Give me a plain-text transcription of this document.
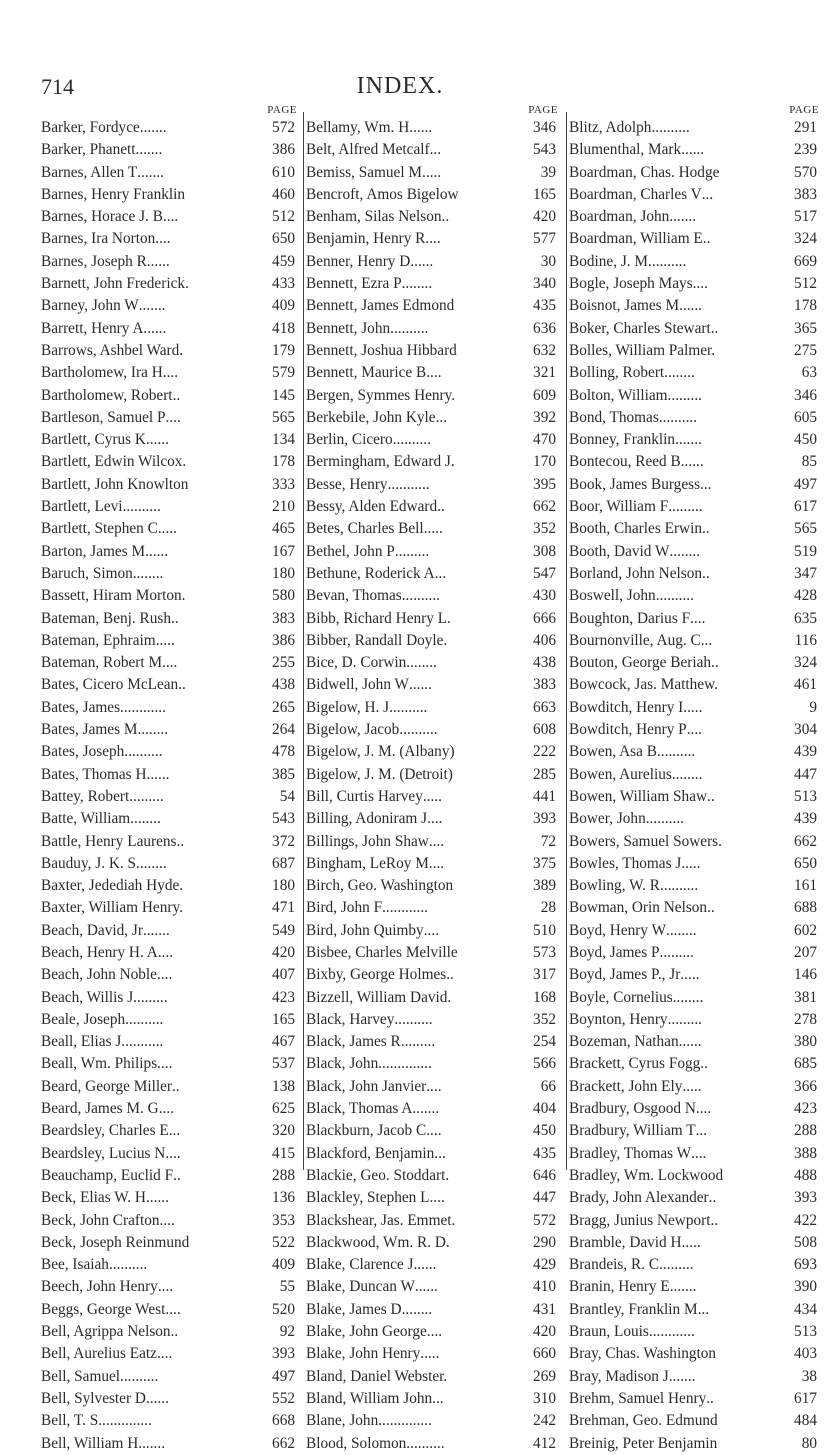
714	INDEX.
PAGE
Barker, Fordyce .......	572
Barker, Phanett .......	386
Barnes, Allen T .......	610
Barnes, Henry Franklin	460
Barnes, Horace J. B ....	512
Barnes, Ira Norton ....	650
Barnes, Joseph R ......	459
Barnett, John Frederick.	433
Barney, John W .......	409
Barrett, Henry A ......	418
Barrows, Ashbel Ward .	179
Bartholomew, Ira H ....	579
Bartholomew, Robert ..	145
Bartleson, Samuel P ....	565
Bartlett, Cyrus K ......	134
Bartlett, Edwin Wilcox.	178
Bartlett, John Knowlton	333
Bartlett, Levi ..........	210
Bartlett, Stephen C .....	465
Barton, James M ......	167
Baruch, Simon ........	180
Bassett, Hiram Morton .	580
Bateman, Benj. Rush ..	383
Bateman, Ephraim .....	386
Bateman, Robert M ....	255
Bates, Cicero McLean ..	438
Bates, James ............	265
Bates, James M ........	264
Bates, Joseph ..........	478
Bates, Thomas H ......	385
Battey, Robert .........	54
Batte, William ........	543
Battle, Henry Laurens ..	372
Bauduy, J. K. S ........	687
Baxter, Jedediah Hyde.	180
Baxter, William Henry.	471
Beach, David, Jr .......	549
Beach, Henry H. A ....	420
Beach, John Noble ....	407
Beach, Willis J .........	423
Beale, Joseph ..........	165
Beall, Elias J ...........	467
Beall, Wm. Philips ....	537
Beard, George Miller ..	138
Beard, James M. G ....	625
Beardsley, Charles E ...	320
Beardsley, Lucius N ....	415
Beauchamp, Euclid F ..	288
Beck, Elias W. H ......	136
Beck, John Crafton ....	353
Beck, Joseph Reinmund	522
Bee, Isaiah ..........	409
Beech, John Henry ....	55
Beggs, George West ....	520
Bell, Agrippa Nelson ..	92
Bell, Aurelius Eatz ....	393
Bell, Samuel ..........	497
Bell, Sylvester D ......	552
Bell, T. S ..............	668
Bell, William H .......	662
PAGE
Bellamy, Wm. H ......	346
Belt, Alfred Metcalf ...	543
Bemiss, Samuel M .....	39
Bencroft, Amos Bigelow	165
Benham, Silas Nelson. .	420
Benjamin, Henry R ....	577
Benner, Henry D ......	30
Bennett, Ezra P ........	340
Bennett, James Edmond	435
Bennett, John ..........	636
Bennett, Joshua Hibbard	632
Bennett, Maurice B ....	321
Bergen, Symmes Henry.	609
Berkebile, John Kyle ...	392
Berlin, Cicero ..........	470
Bermingham, Edward J.	170
Besse, Henry ...........	395
Bessy, Alden Edward. .	662
Betes, Charles Bell .....	352
Bethel, John P .........	308
Bethune, Roderick A ...	547
Bevan, Thomas ..........	430
Bibb, Richard Henry L.	666
Bibber, Randall Doyle.	406
Bice, D. Corwin ........	438
Bidwell, John W ......	383
Bigelow, H. J ..........	663
Bigelow, Jacob ..........	608
Bigelow, J. M. (Albany)	222
Bigelow, J. M. (Detroit)	285
Bill, Curtis Harvey .....	441
Billing, Adoniram J ....	393
Billings, John Shaw ....	72
Bingham, LeRoy M ....	375
Birch, Geo. Washington	389
Bird, John F ............	28
Bird, John Quimby ....	510
Bisbee, Charles Melville	573
Bixby, George Holmes. .	317
Bizzell, William David.	168
Black, Harvey ..........	352
Black, James R .........	254
Black, John ..............	566
Black, John Janvier ....	66
Black, Thomas A .......	404
Blackburn, Jacob C ....	450
Blackford, Benjamin ...	435
Blackie, Geo. Stoddart.	646
Blackley, Stephen L ....	447
Blackshear, Jas. Emmet.	572
Blackwood, Wm. R. D.	290
Blake, Clarence J ......	429
Blake, Duncan W ......	410
Blake, James D ........	431
Blake, John George ....	420
Blake, John Henry .....	660
Bland, Daniel Webster.	269
Bland, William John ...	310
Blane, John ..............	242
Blood, Solomon ..........	412
PAGE
Blitz, Adolph ..........	291
Blumenthal, Mark ......	239
Boardman, Chas. Hodge	570
Boardman, Charles V ...	383
Boardman, John .......	517
Boardman, William E ..	324
Bodine, J. M ..........	669
Bogle, Joseph Mays ....	512
Boisnot, James M ......	178
Boker, Charles Stewart ..	365
Bolles, William Palmer.	275
Bolling, Robert ........	63
Bolton, William .........	346
Bond, Thomas ..........	605
Bonney, Franklin .......	450
Bontecou, Reed B ......	85
Book, James Burgess ...	497
Boor, William F .........	617
Booth, Charles Erwin ..	565
Booth, David W ........	519
Borland, John Nelson ..	347
Boswell, John ..........	428
Boughton, Darius F ....	635
Bournonville, Aug. C ...	116
Bouton, George Beriah ..	324
Bowcock, Jas. Matthew.	461
Bowditch, Henry I .....	9
Bowditch, Henry P ....	304
Bowen, Asa B ..........	439
Bowen, Aurelius ........	447
Bowen, William Shaw ..	513
Bower, John ..........	439
Bowers, Samuel Sowers.	662
Bowles, Thomas J .....	650
Bowling, W. R ..........	161
Bowman, Orin Nelson ..	688
Boyd, Henry W ........	602
Boyd, James P .........	207
Boyd, James P., Jr .....	146
Boyle, Cornelius ........	381
Boynton, Henry .........	278
Bozeman, Nathan ......	380
Brackett, Cyrus Fogg ..	685
Brackett, John Ely .....	366
Bradbury, Osgood N ....	423
Bradbury, William T ...	288
Bradley, Thomas W ....	388
Bradley, Wm. Lockwood	488
Brady, John Alexander ..	393
Bragg, Junius Newport ..	422
Bramble, David H .....	508
Brandeis, R. C .........	693
Branin, Henry E .......	390
Brantley, Franklin M ...	434
Braun, Louis ............	513
Bray, Chas. Washington	403
Bray, Madison J .......	38
Brehm, Samuel Henry ..	617
Brehman, Geo. Edmund	484
Breinig, Peter Benjamin	80
